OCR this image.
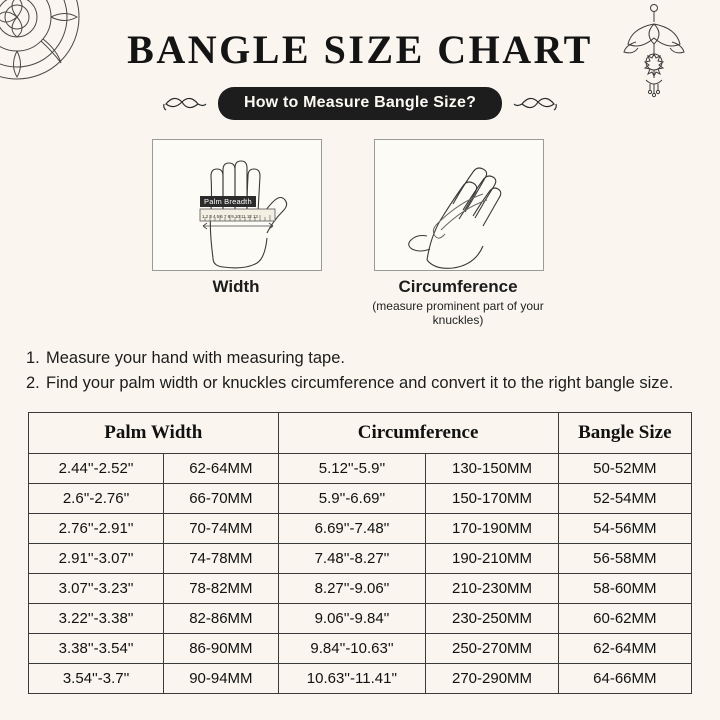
BANGLE SIZE CHART
How to Measure Bangle Size?
Palm Breadth
1 2 3 4 5 6 7 8 9 10 11 12 13
Width	Circumference
(measure prominent part of your knuckles)
1. Measure your hand with measuring tape.
2. Find your palm width or knuckles circumference and convert it to the right bangle size.
Palm Width		Circumference		Bangle Size
2.44''-2.52''	62-64MM	5.12''-5.9''	130-150MM	50-52MM
2.6''-2.76''	66-70MM	5.9''-6.69''	150-170MM	52-54MM
2.76''-2.91''	70-74MM	6.69''-7.48''	170-190MM	54-56MM
2.91''-3.07''	74-78MM	7.48''-8.27''	190-210MM	56-58MM
3.07''-3.23''	78-82MM	8.27''-9.06''	210-230MM	58-60MM
3.22''-3.38''	82-86MM	9.06''-9.84''	230-250MM	60-62MM
3.38''-3.54''	86-90MM	9.84''-10.63''	250-270MM	62-64MM
3.54''-3.7''	90-94MM	10.63''-11.41''	270-290MM	64-66MM
